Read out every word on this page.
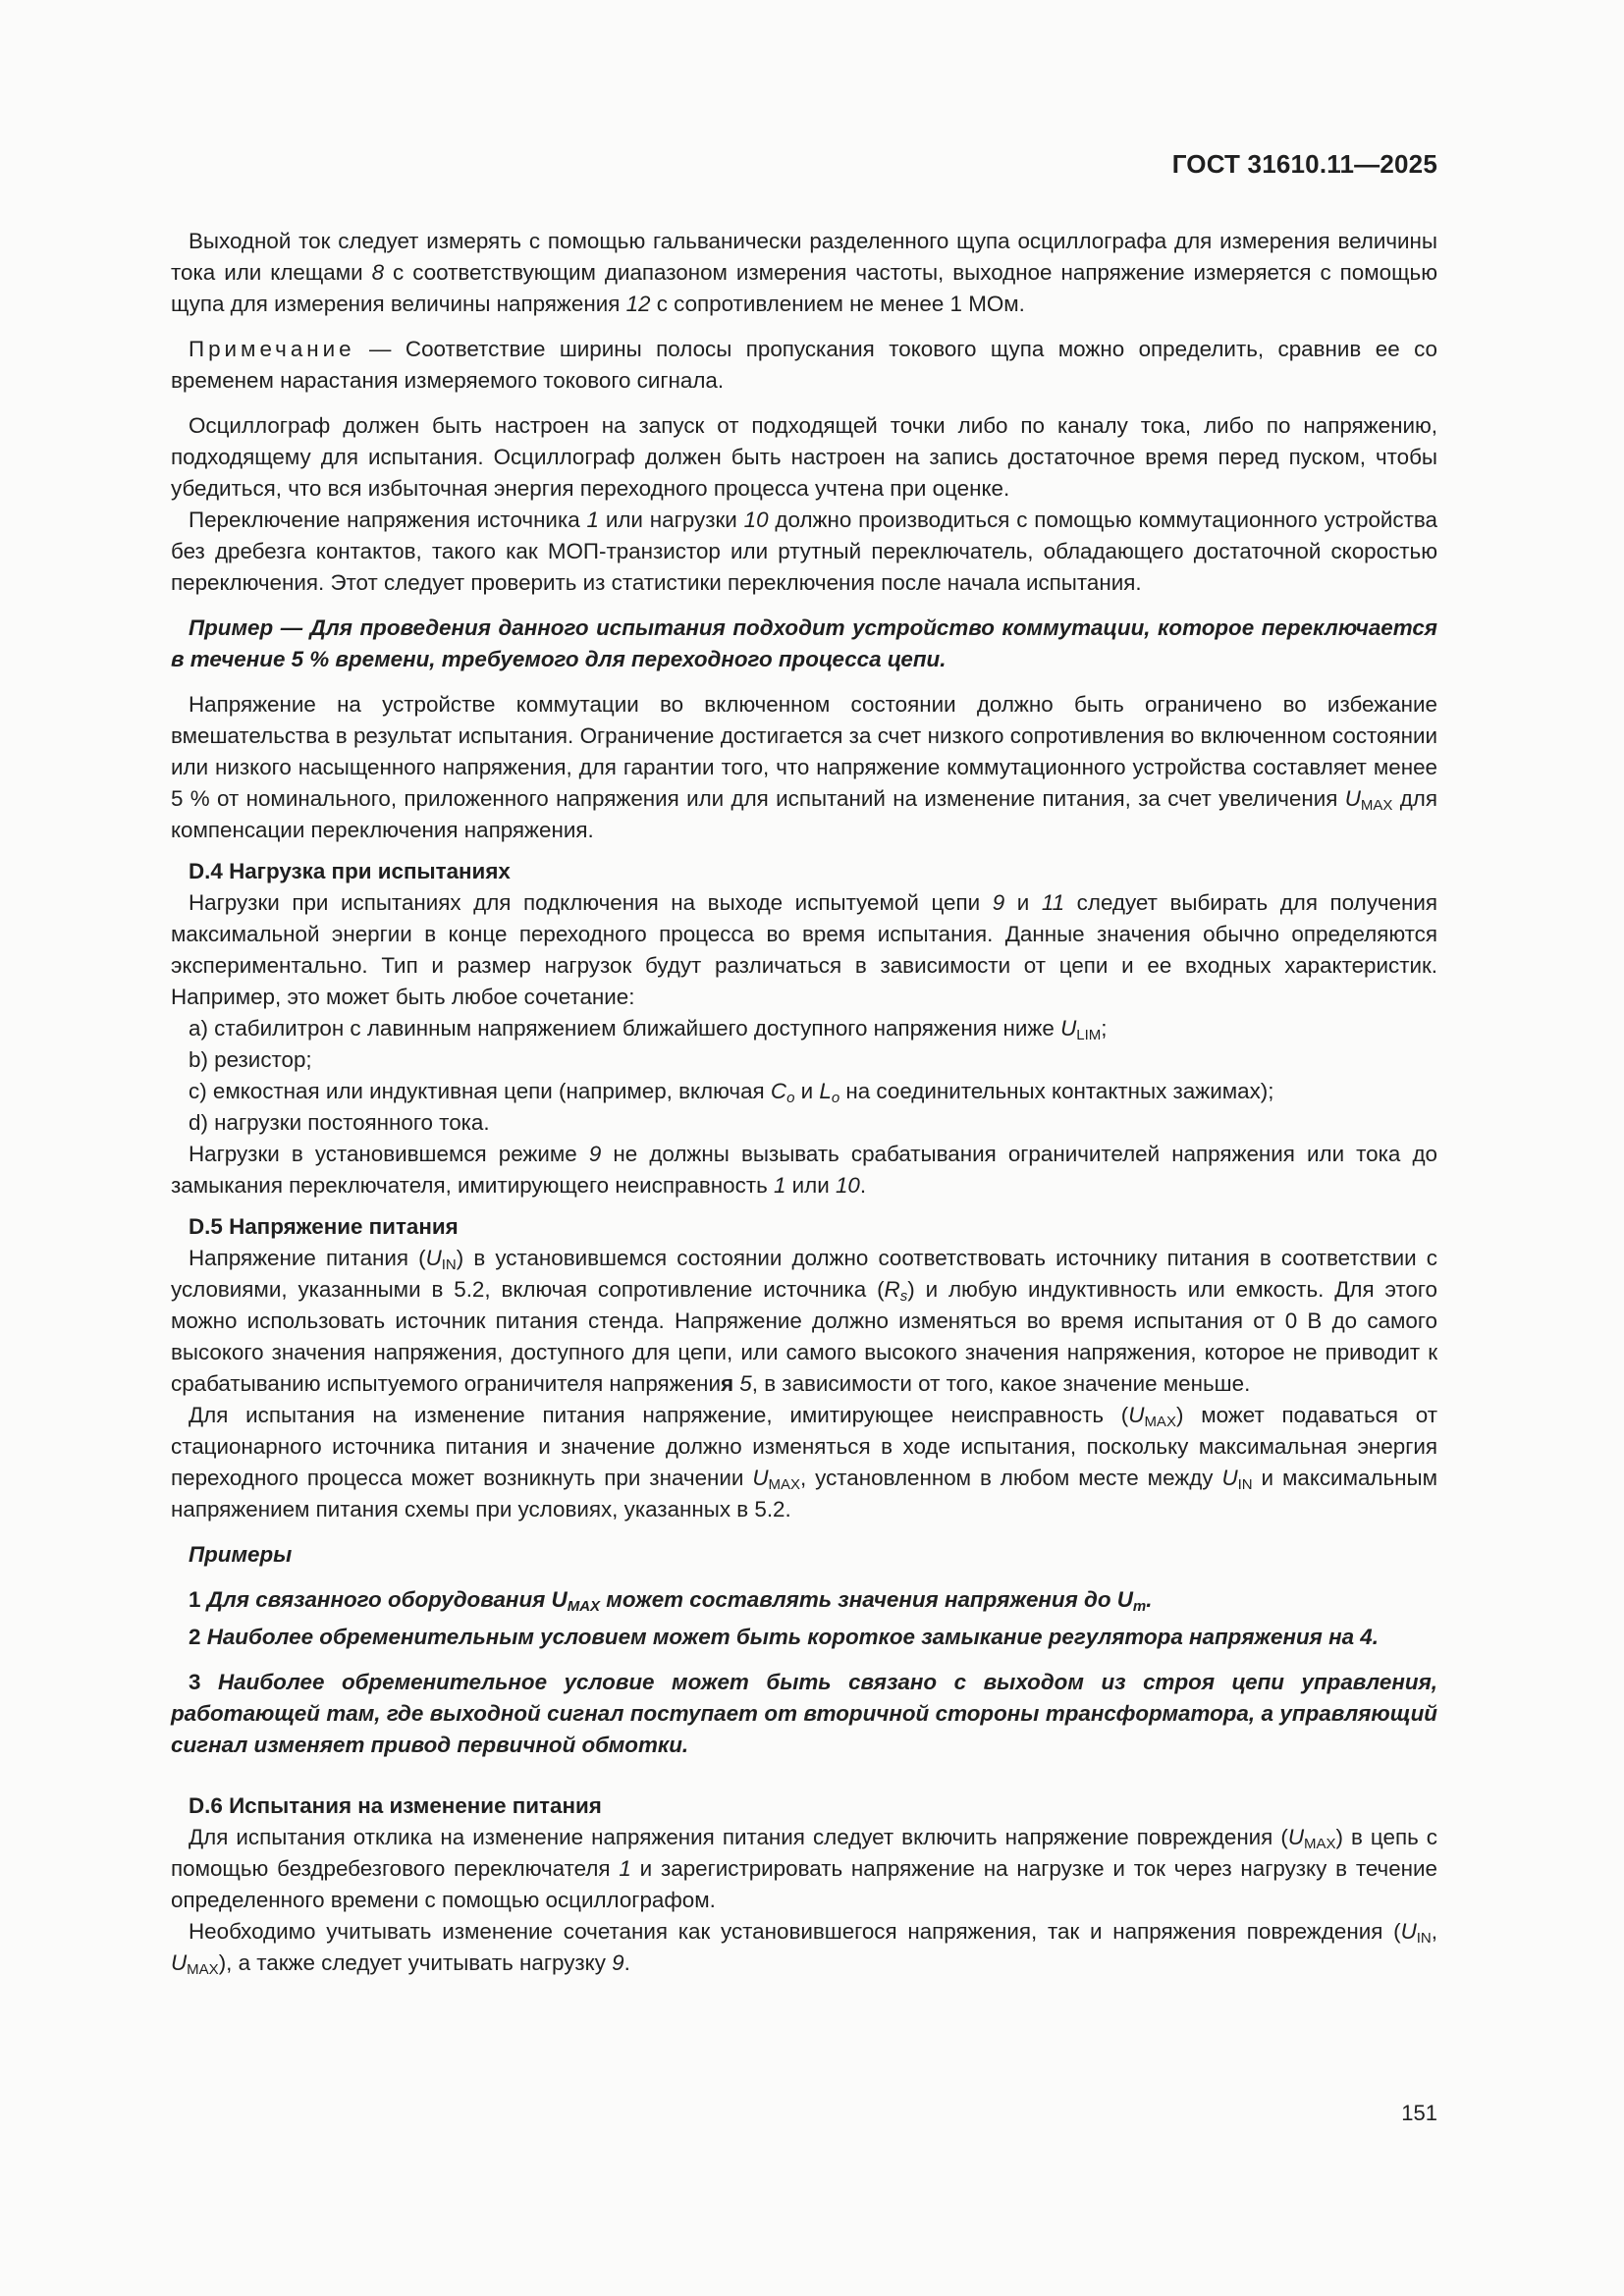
ГОСТ 31610.11—2025

Выходной ток следует измерять с помощью гальванически разделенного щупа осциллографа для измерения величины тока или клещами 8 с соответствующим диапазоном измерения частоты, выходное напряжение измеряется с помощью щупа для измерения величины напряжения 12 с сопротивлением не менее 1 МОм.

Примечание — Соответствие ширины полосы пропускания токового щупа можно определить, сравнив ее со временем нарастания измеряемого токового сигнала.

Осциллограф должен быть настроен на запуск от подходящей точки либо по каналу тока, либо по напряжению, подходящему для испытания. Осциллограф должен быть настроен на запись достаточное время перед пуском, чтобы убедиться, что вся избыточная энергия переходного процесса учтена при оценке.

Переключение напряжения источника 1 или нагрузки 10 должно производиться с помощью коммутационного устройства без дребезга контактов, такого как МОП-транзистор или ртутный переключатель, обладающего достаточной скоростью переключения. Этот следует проверить из статистики переключения после начала испытания.

Пример — Для проведения данного испытания подходит устройство коммутации, которое переключается в течение 5 % времени, требуемого для переходного процесса цепи.

Напряжение на устройстве коммутации во включенном состоянии должно быть ограничено во избежание вмешательства в результат испытания. Ограничение достигается за счет низкого сопротивления во включенном состоянии или низкого насыщенного напряжения, для гарантии того, что напряжение коммутационного устройства составляет менее 5 % от номинального, приложенного напряжения или для испытаний на изменение питания, за счет увеличения $U_{MAX}$ для компенсации переключения напряжения.

D.4 Нагрузка при испытаниях

Нагрузки при испытаниях для подключения на выходе испытуемой цепи 9 и 11 следует выбирать для получения максимальной энергии в конце переходного процесса во время испытания. Данные значения обычно определяются экспериментально. Тип и размер нагрузок будут различаться в зависимости от цепи и ее входных характеристик. Например, это может быть любое сочетание:

a) стабилитрон с лавинным напряжением ближайшего доступного напряжения ниже $U_{LIM}$;

b) резистор;

c) емкостная или индуктивная цепи (например, включая $C_o$ и $L_o$ на соединительных контактных зажимах);

d) нагрузки постоянного тока.

Нагрузки в установившемся режиме 9 не должны вызывать срабатывания ограничителей напряжения или тока до замыкания переключателя, имитирующего неисправность 1 или 10.

D.5 Напряжение питания

Напряжение питания $(U_{IN})$ в установившемся состоянии должно соответствовать источнику питания в соответствии с условиями, указанными в 5.2, включая сопротивление источника $(R_s)$ и любую индуктивность или емкость. Для этого можно использовать источник питания стенда. Напряжение должно изменяться во время испытания от 0 В до самого высокого значения напряжения, доступного для цепи, или самого высокого значения напряжения, которое не приводит к срабатыванию испытуемого ограничителя напряжения 5, в зависимости от того, какое значение меньше.

Для испытания на изменение питания напряжение, имитирующее неисправность $(U_{MAX})$ может подаваться от стационарного источника питания и значение должно изменяться в ходе испытания, поскольку максимальная энергия переходного процесса может возникнуть при значении $U_{MAX}$, установленном в любом месте между $U_{IN}$ и максимальным напряжением питания схемы при условиях, указанных в 5.2.

Примеры

1 Для связанного оборудования $U_{MAX}$ может составлять значения напряжения до $U_m$.

2 Наиболее обременительным условием может быть короткое замыкание регулятора напряжения на 4.

3 Наиболее обременительное условие может быть связано с выходом из строя цепи управления, работающей там, где выходной сигнал поступает от вторичной стороны трансформатора, а управляющий сигнал изменяет привод первичной обмотки.

D.6 Испытания на изменение питания

Для испытания отклика на изменение напряжения питания следует включить напряжение повреждения $(U_{MAX})$ в цепь с помощью бездребезгового переключателя 1 и зарегистрировать напряжение на нагрузке и ток через нагрузку в течение определенного времени с помощью осциллографом.

Необходимо учитывать изменение сочетания как установившегося напряжения, так и напряжения повреждения ($U_{IN}$, $U_{MAX}$), а также следует учитывать нагрузку 9.

151
